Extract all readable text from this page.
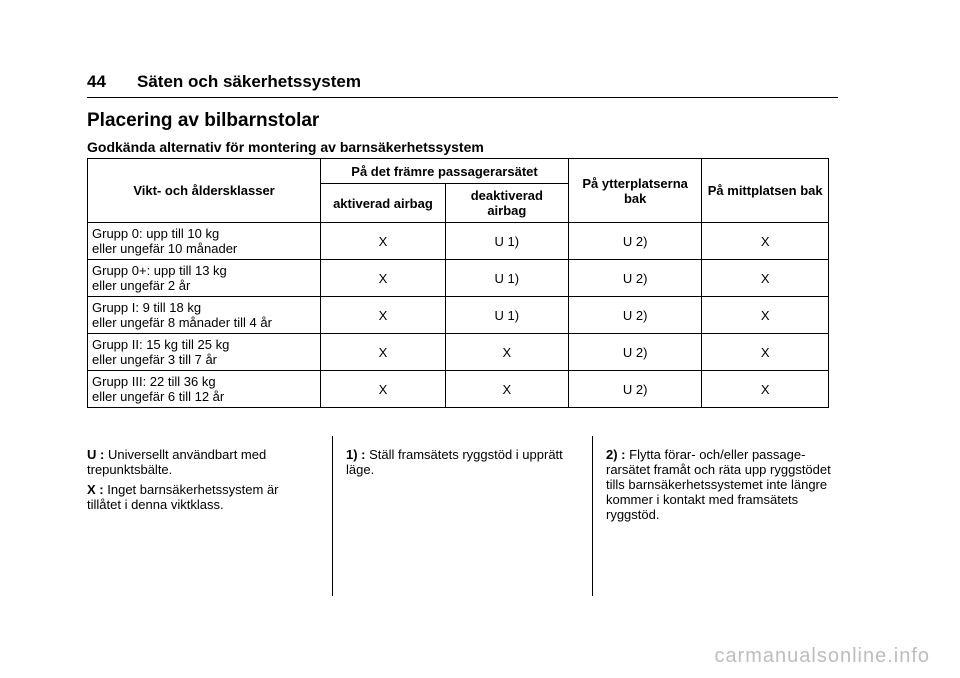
44 Säten och säkerhetssystem
Placering av bilbarnstolar
Godkända alternativ för montering av barnsäkerhetssystem
Vikt- och åldersklasser	På det främre passagerarsätet		På ytterplatserna bak	På mittplatsen bak
	aktiverad airbag	deaktiverad airbag		
Grupp 0: upp till 10 kg
eller ungefär 10 månader	X	U 1)	U 2)	X
Grupp 0+: upp till 13 kg
eller ungefär 2 år	X	U 1)	U 2)	X
Grupp I: 9 till 18 kg
eller ungefär 8 månader till 4 år	X	U 1)	U 2)	X
Grupp II: 15 kg till 25 kg
eller ungefär 3 till 7 år	X	X	U 2)	X
Grupp III: 22 till 36 kg
eller ungefär 6 till 12 år	X	X	U 2)	X

U : Universellt användbart med trepunktsbälte.

X : Inget barnsäkerhetssystem är tillåtet i denna viktklass.

1) : Ställ framsätets ryggstöd i upprätt läge.

2) : Flytta förar- och/eller passagerarsätet framåt och räta upp ryggstödet tills barnsäkerhetssystemet inte längre kommer i kontakt med framsätets ryggstöd.

carmanualsonline.info
